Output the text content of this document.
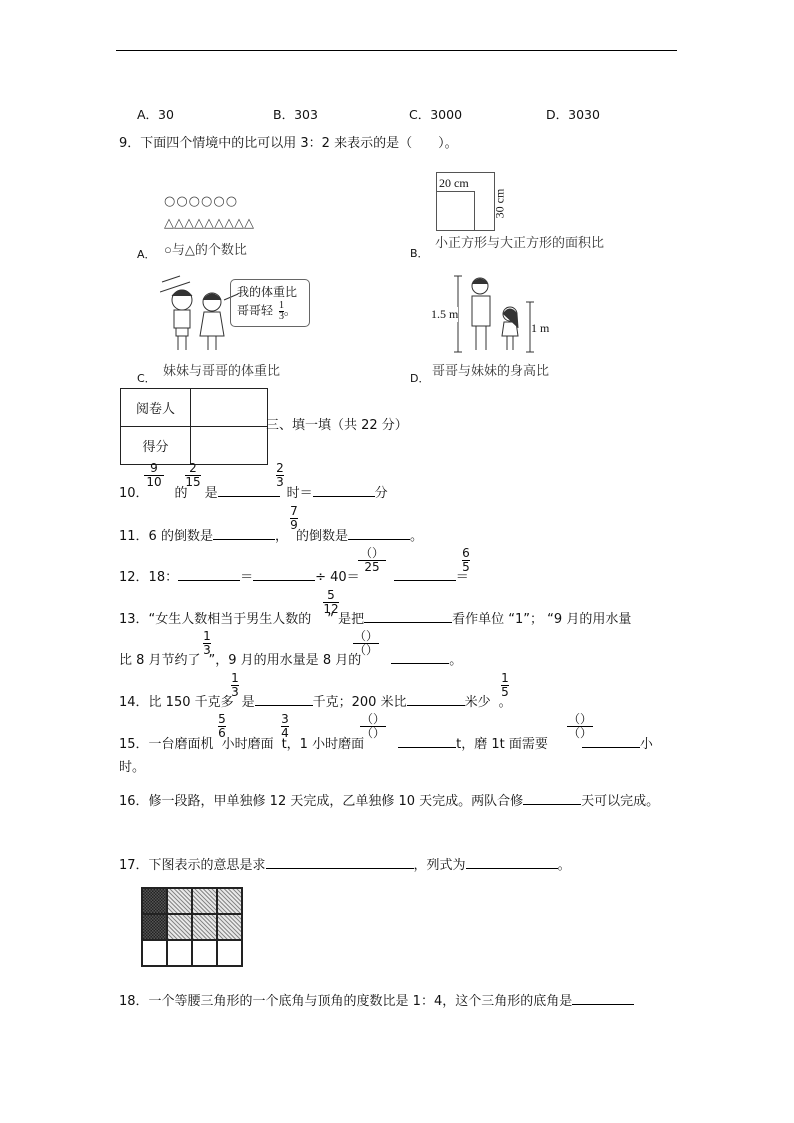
A．30	B．303	C．3000	D．3030
9．下面四个情境中的比可以用 3：2 来表示的是（　　）。
○○○○○○
△△△△△△△△△
○与△的个数比
A．
20 cm
30 cm
小正方形与大正方形的面积比
B．
我的体重比
哥哥轻 $\frac{1}{3}$ 。
妹妹与哥哥的体重比
C．
1.5 m
1 m
哥哥与妹妹的身高比
D．
阅卷人	
得分	
三、填一填（共 22 分）
$\frac{9}{10} \frac{2}{15}$	$\frac{2}{3}$
10． 的 是	时＝	分
$\frac{7}{9}$
11．6 的倒数是	， 的倒数是	。
（）
25	$\frac{6}{5}$
12．18：	＝	÷ 40＝	＝
$\frac{5}{12}$
13．“女生人数相当于男生人数的 ” 是把	看作单位 “1”； “9 月的用水量
$\frac{1}{3}$	（）
（）
比 8 月节约了 ”，9 月的用水量是 8 月的	。
$\frac{1}{3}$	$\frac{1}{5}$
14．比 150 千克多 是	千克；200 米比	米少 。
$\frac{5}{6}$	$\frac{3}{4}$	（）
（）
（）
（）
15．一台磨面机 小时磨面 t，1 小时磨面	t，磨 1t 面需要	小
时。
16．修一段路，甲单独修 12 天完成，乙单独修 10 天完成。两队合修	天可以完成。
17．下图表示的意思是求	，列式为	。
18．一个等腰三角形的一个底角与顶角的度数比是 1：4，这个三角形的底角是
